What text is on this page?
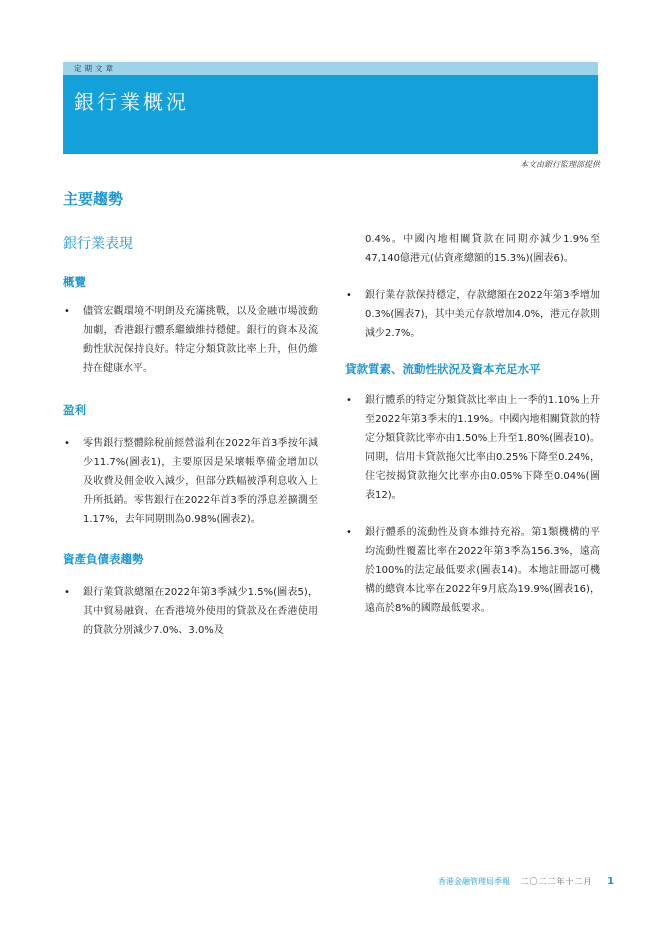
定期文章
銀行業概況
本文由銀行監理部提供
主要趨勢
銀行業表現
概覽
• 儘管宏觀環境不明朗及充滿挑戰，以及金融市場波動加劇，香港銀行體系繼續維持穩健。銀行的資本及流動性狀況保持良好。特定分類貸款比率上升，但仍維持在健康水平。
盈利
• 零售銀行整體除稅前經營溢利在2022年首3季按年減少11.7%(圖表1)，主要原因是呆壞帳準備金增加以及收費及佣金收入減少，但部分跌幅被淨利息收入上升所抵銷。零售銀行在2022年首3季的淨息差擴濶至1.17%，去年同期則為0.98%(圖表2)。
資產負債表趨勢
• 銀行業貸款總額在2022年第3季減少1.5%(圖表5)，其中貿易融資、在香港境外使用的貸款及在香港使用的貸款分別減少7.0%、3.0%及
0.4%。中國內地相關貸款在同期亦減少1.9%至47,140億港元(佔資產總額的15.3%)(圖表6)。
• 銀行業存款保持穩定，存款總額在2022年第3季增加0.3%(圖表7)，其中美元存款增加4.0%，港元存款則減少2.7%。
貸款質素、流動性狀況及資本充足水平
• 銀行體系的特定分類貸款比率由上一季的1.10%上升至2022年第3季末的1.19%。中國內地相關貸款的特定分類貸款比率亦由1.50%上升至1.80%(圖表10)。同期，信用卡貸款拖欠比率由0.25%下降至0.24%，住宅按揭貸款拖欠比率亦由0.05%下降至0.04%(圖表12)。
• 銀行體系的流動性及資本維持充裕。第1類機構的平均流動性覆蓋比率在2022年第3季為156.3%，遠高於100%的法定最低要求(圖表14)。本地註冊認可機構的總資本比率在2022年9月底為19.9%(圖表16)，遠高於8%的國際最低要求。
香港金融管理局季報 二〇二二年十二月 1
